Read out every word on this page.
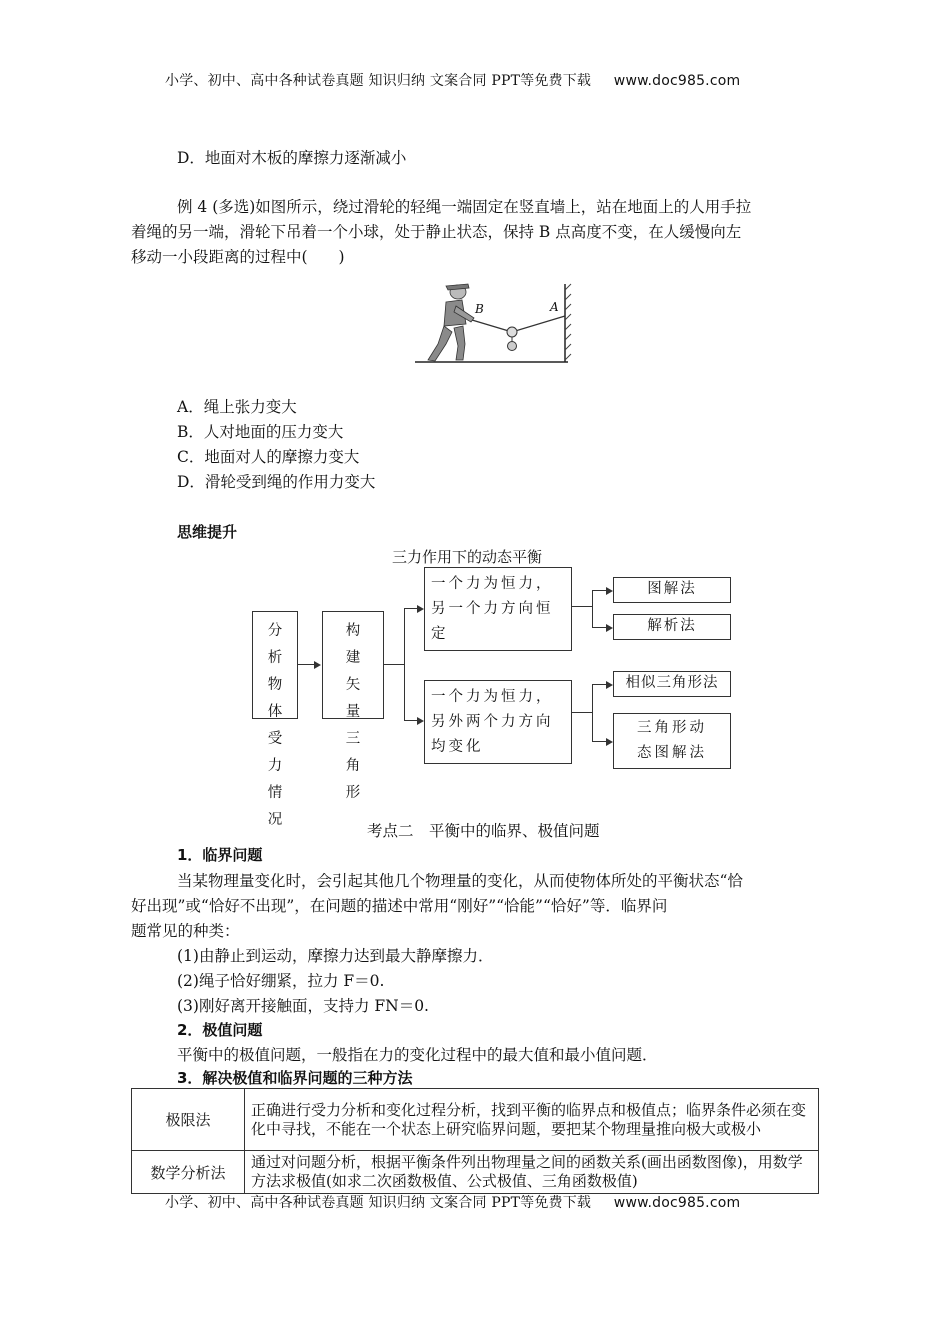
小学、初中、高中各种试卷真题 知识归纳 文案合同 PPT等免费下载 www.doc985.com
D．地面对木板的摩擦力逐渐减小
例 4 (多选)如图所示，绕过滑轮的轻绳一端固定在竖直墙上，站在地面上的人用手拉
着绳的另一端，滑轮下吊着一个小球，处于静止状态，保持 B 点高度不变，在人缓慢向左
移动一小段距离的过程中(　　)
B	A
A．绳上张力变大
B．人对地面的压力变大
C．地面对人的摩擦力变大
D．滑轮受到绳的作用力变大
思维提升
三力作用下的动态平衡
分析物体受力情况
构建矢量三角形
一个力为恒力，
另一个力方向恒
定
一个力为恒力，
另外两个力方向
均变化
图解法
解析法
相似三角形法
三角形动
态图解法
考点二　平衡中的临界、极值问题
1．临界问题
当某物理量变化时，会引起其他几个物理量的变化，从而使物体所处的平衡状态“恰
好出现”或“恰好不出现”，在问题的描述中常用“刚好”“恰能”“恰好”等．临界问
题常见的种类：
(1)由静止到运动，摩擦力达到最大静摩擦力．
(2)绳子恰好绷紧，拉力 F＝0.
(3)刚好离开接触面，支持力 FN＝0.
2．极值问题
平衡中的极值问题，一般指在力的变化过程中的最大值和最小值问题．
3．解决极值和临界问题的三种方法
极限法	正确进行受力分析和变化过程分析，找到平衡的临界点和极值点；临界条件必须在变化中寻找，不能在一个状态上研究临界问题，要把某个物理量推向极大或极小
数学分析法	通过对问题分析，根据平衡条件列出物理量之间的函数关系(画出函数图像)，用数学方法求极值(如求二次函数极值、公式极值、三角函数极值)
小学、初中、高中各种试卷真题 知识归纳 文案合同 PPT等免费下载 www.doc985.com
